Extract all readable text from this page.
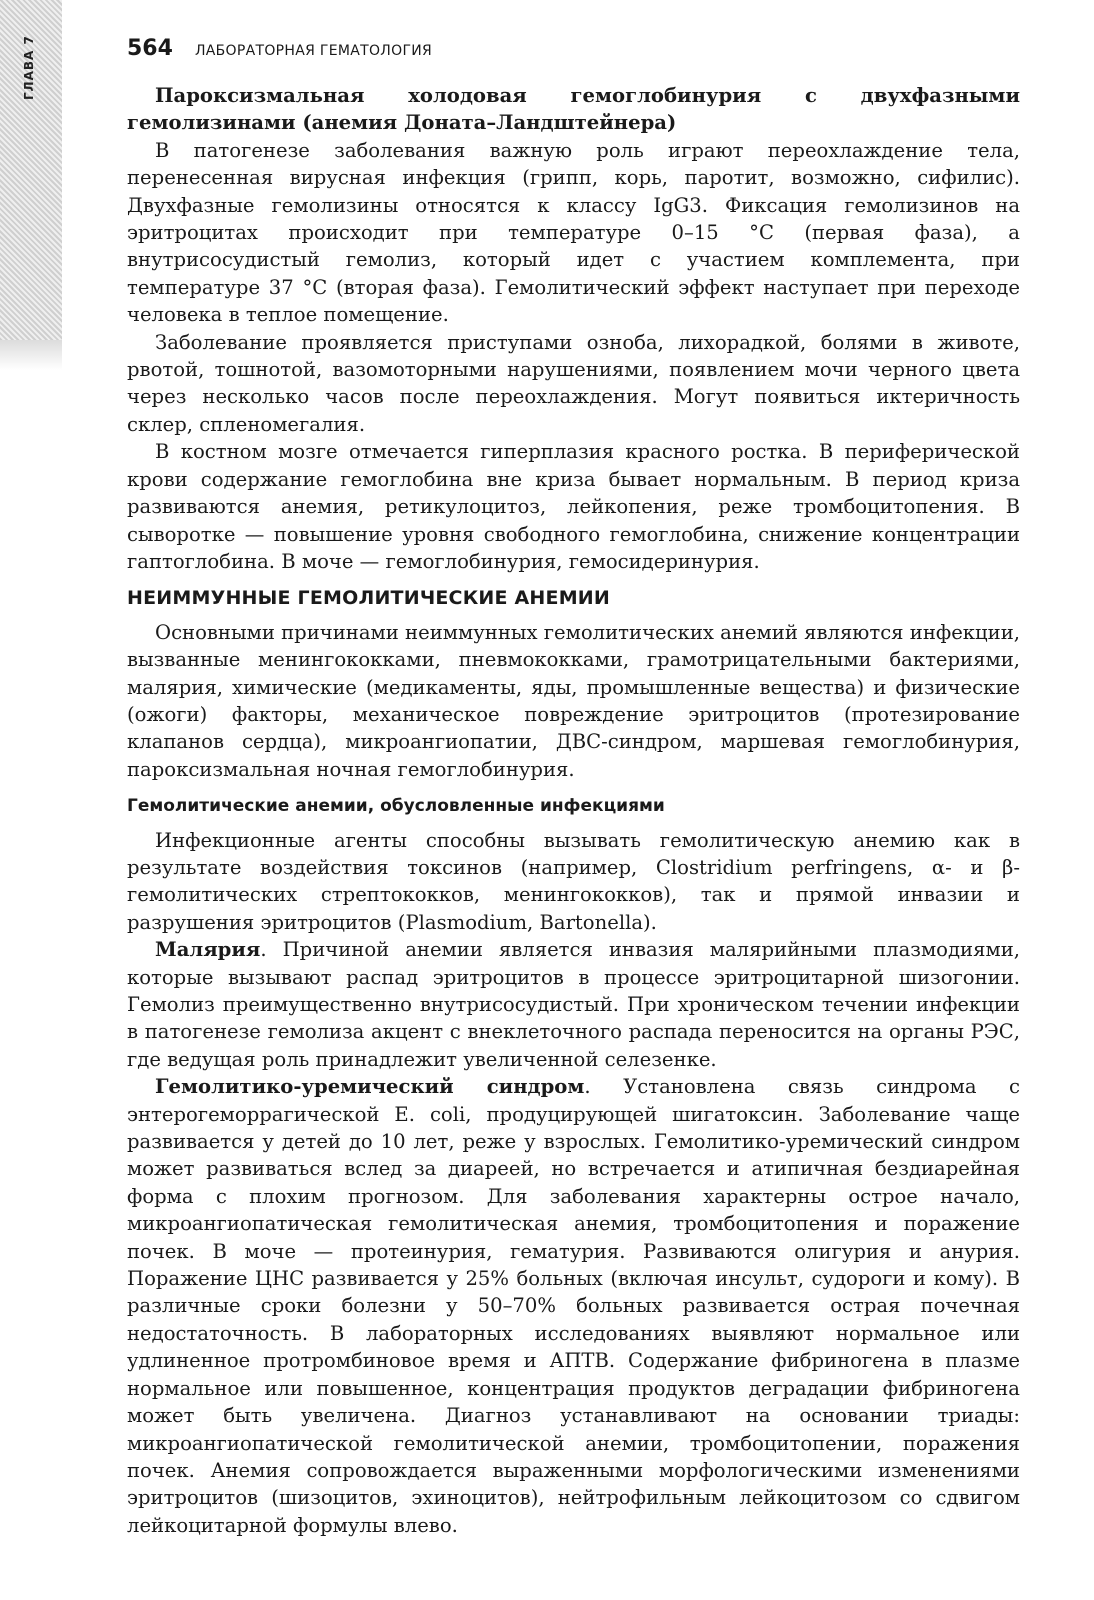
ГЛАВА 7	564 ЛАБОРАТОРНАЯ ГЕМАТОЛОГИЯ

Пароксизмальная холодовая гемоглобинурия с двухфазными гемолизинами (анемия Доната–Ландштейнера)

В патогенезе заболевания важную роль играют переохлаждение тела, перенесенная вирусная инфекция (грипп, корь, паротит, возможно, сифилис). Двухфазные гемолизины относятся к классу IgG3. Фиксация гемолизинов на эритроцитах происходит при температуре 0–15 °С (первая фаза), а внутрисосудистый гемолиз, который идет с участием комплемента, при температуре 37 °С (вторая фаза). Гемолитический эффект наступает при переходе человека в теплое помещение.

Заболевание проявляется приступами озноба, лихорадкой, болями в животе, рвотой, тошнотой, вазомоторными нарушениями, появлением мочи черного цвета через несколько часов после переохлаждения. Могут появиться иктеричность склер, спленомегалия.

В костном мозге отмечается гиперплазия красного ростка. В периферической крови содержание гемоглобина вне криза бывает нормальным. В период криза развиваются анемия, ретикулоцитоз, лейкопения, реже тромбоцитопения. В сыворотке — повышение уровня свободного гемоглобина, снижение концентрации гаптоглобина. В моче — гемоглобинурия, гемосидеринурия.

НЕИММУННЫЕ ГЕМОЛИТИЧЕСКИЕ АНЕМИИ

Основными причинами неиммунных гемолитических анемий являются инфекции, вызванные менингококками, пневмококками, грамотрицательными бактериями, малярия, химические (медикаменты, яды, промышленные вещества) и физические (ожоги) факторы, механическое повреждение эритроцитов (протезирование клапанов сердца), микроангиопатии, ДВС-синдром, маршевая гемоглобинурия, пароксизмальная ночная гемоглобинурия.

Гемолитические анемии, обусловленные инфекциями

Инфекционные агенты способны вызывать гемолитическую анемию как в результате воздействия токсинов (например, Clostridium perfringens, α- и β-гемолитических стрептококков, менингококков), так и прямой инвазии и разрушения эритроцитов (Plasmodium, Bartonella).

Малярия. Причиной анемии является инвазия малярийными плазмодиями, которые вызывают распад эритроцитов в процессе эритроцитарной шизогонии. Гемолиз преимущественно внутрисосудистый. При хроническом течении инфекции в патогенезе гемолиза акцент с внеклеточного распада переносится на органы РЭС, где ведущая роль принадлежит увеличенной селезенке.

Гемолитико-уремический синдром. Установлена связь синдрома с энтерогеморрагической E. coli, продуцирующей шигатоксин. Заболевание чаще развивается у детей до 10 лет, реже у взрослых. Гемолитико-уремический синдром может развиваться вслед за диареей, но встречается и атипичная бездиарейная форма с плохим прогнозом. Для заболевания характерны острое начало, микроангиопатическая гемолитическая анемия, тромбоцитопения и поражение почек. В моче — протеинурия, гематурия. Развиваются олигурия и анурия. Поражение ЦНС развивается у 25% больных (включая инсульт, судороги и кому). В различные сроки болезни у 50–70% больных развивается острая почечная недостаточность. В лабораторных исследованиях выявляют нормальное или удлиненное протромбиновое время и АПТВ. Содержание фибриногена в плазме нормальное или повышенное, концентрация продуктов деградации фибриногена может быть увеличена. Диагноз устанавливают на основании триады: микроангиопатической гемолитической анемии, тромбоцитопении, поражения почек. Анемия сопровождается выраженными морфологическими изменениями эритроцитов (шизоцитов, эхиноцитов), нейтрофильным лейкоцитозом со сдвигом лейкоцитарной формулы влево.
